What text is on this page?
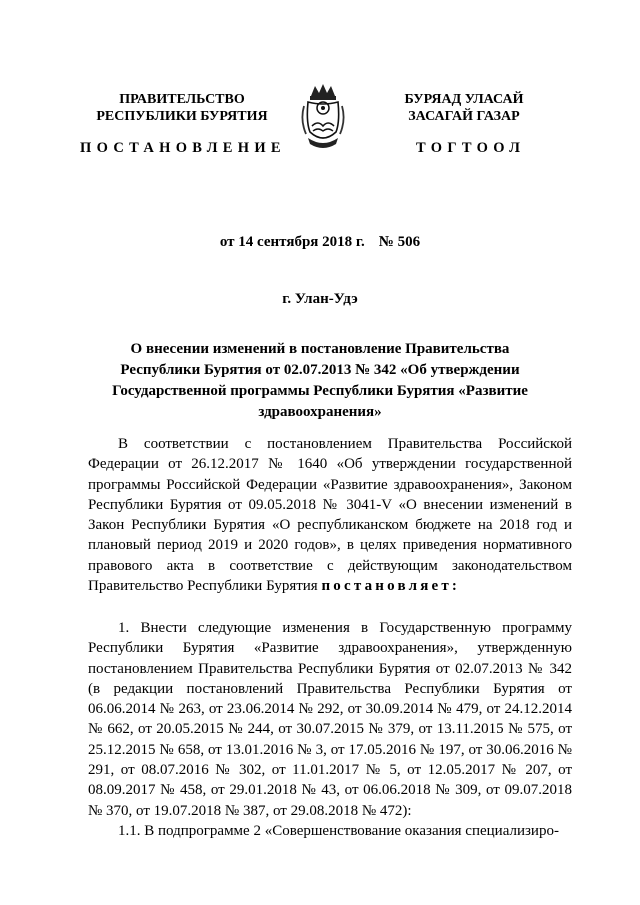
ПРАВИТЕЛЬСТВО
РЕСПУБЛИКИ БУРЯТИЯ
БУРЯАД УЛАСАЙ
ЗАСАГАЙ ГАЗАР
ПОСТАНОВЛЕНИЕ	ТОГТООЛ
от 14 сентября 2018 г. № 506
г. Улан-Удэ
О внесении изменений в постановление Правительства Республики Бурятия от 02.07.2013 № 342 «Об утверждении Государственной программы Республики Бурятия «Развитие здравоохранения»
В соответствии с постановлением Правительства Российской Федерации от 26.12.2017 № 1640 «Об утверждении государственной программы Российской Федерации «Развитие здравоохранения», Законом Республики Бурятия от 09.05.2018 № 3041-V «О внесении изменений в Закон Республики Бурятия «О республиканском бюджете на 2018 год и плановый период 2019 и 2020 годов», в целях приведения нормативного правового акта в соответствие с действующим законодательством Правительство Республики Бурятия постановляет:
1. Внести следующие изменения в Государственную программу Республики Бурятия «Развитие здравоохранения», утвержденную постановлением Правительства Республики Бурятия от 02.07.2013 № 342 (в редакции постановлений Правительства Республики Бурятия от 06.06.2014 № 263, от 23.06.2014 № 292, от 30.09.2014 № 479, от 24.12.2014 № 662, от 20.05.2015 № 244, от 30.07.2015 № 379, от 13.11.2015 № 575, от 25.12.2015 № 658, от 13.01.2016 № 3, от 17.05.2016 № 197, от 30.06.2016 № 291, от 08.07.2016 № 302, от 11.01.2017 № 5, от 12.05.2017 № 207, от 08.09.2017 № 458, от 29.01.2018 № 43, от 06.06.2018 № 309, от 09.07.2018 № 370, от 19.07.2018 № 387, от 29.08.2018 № 472):
1.1. В подпрограмме 2 «Совершенствование оказания специализиро-
